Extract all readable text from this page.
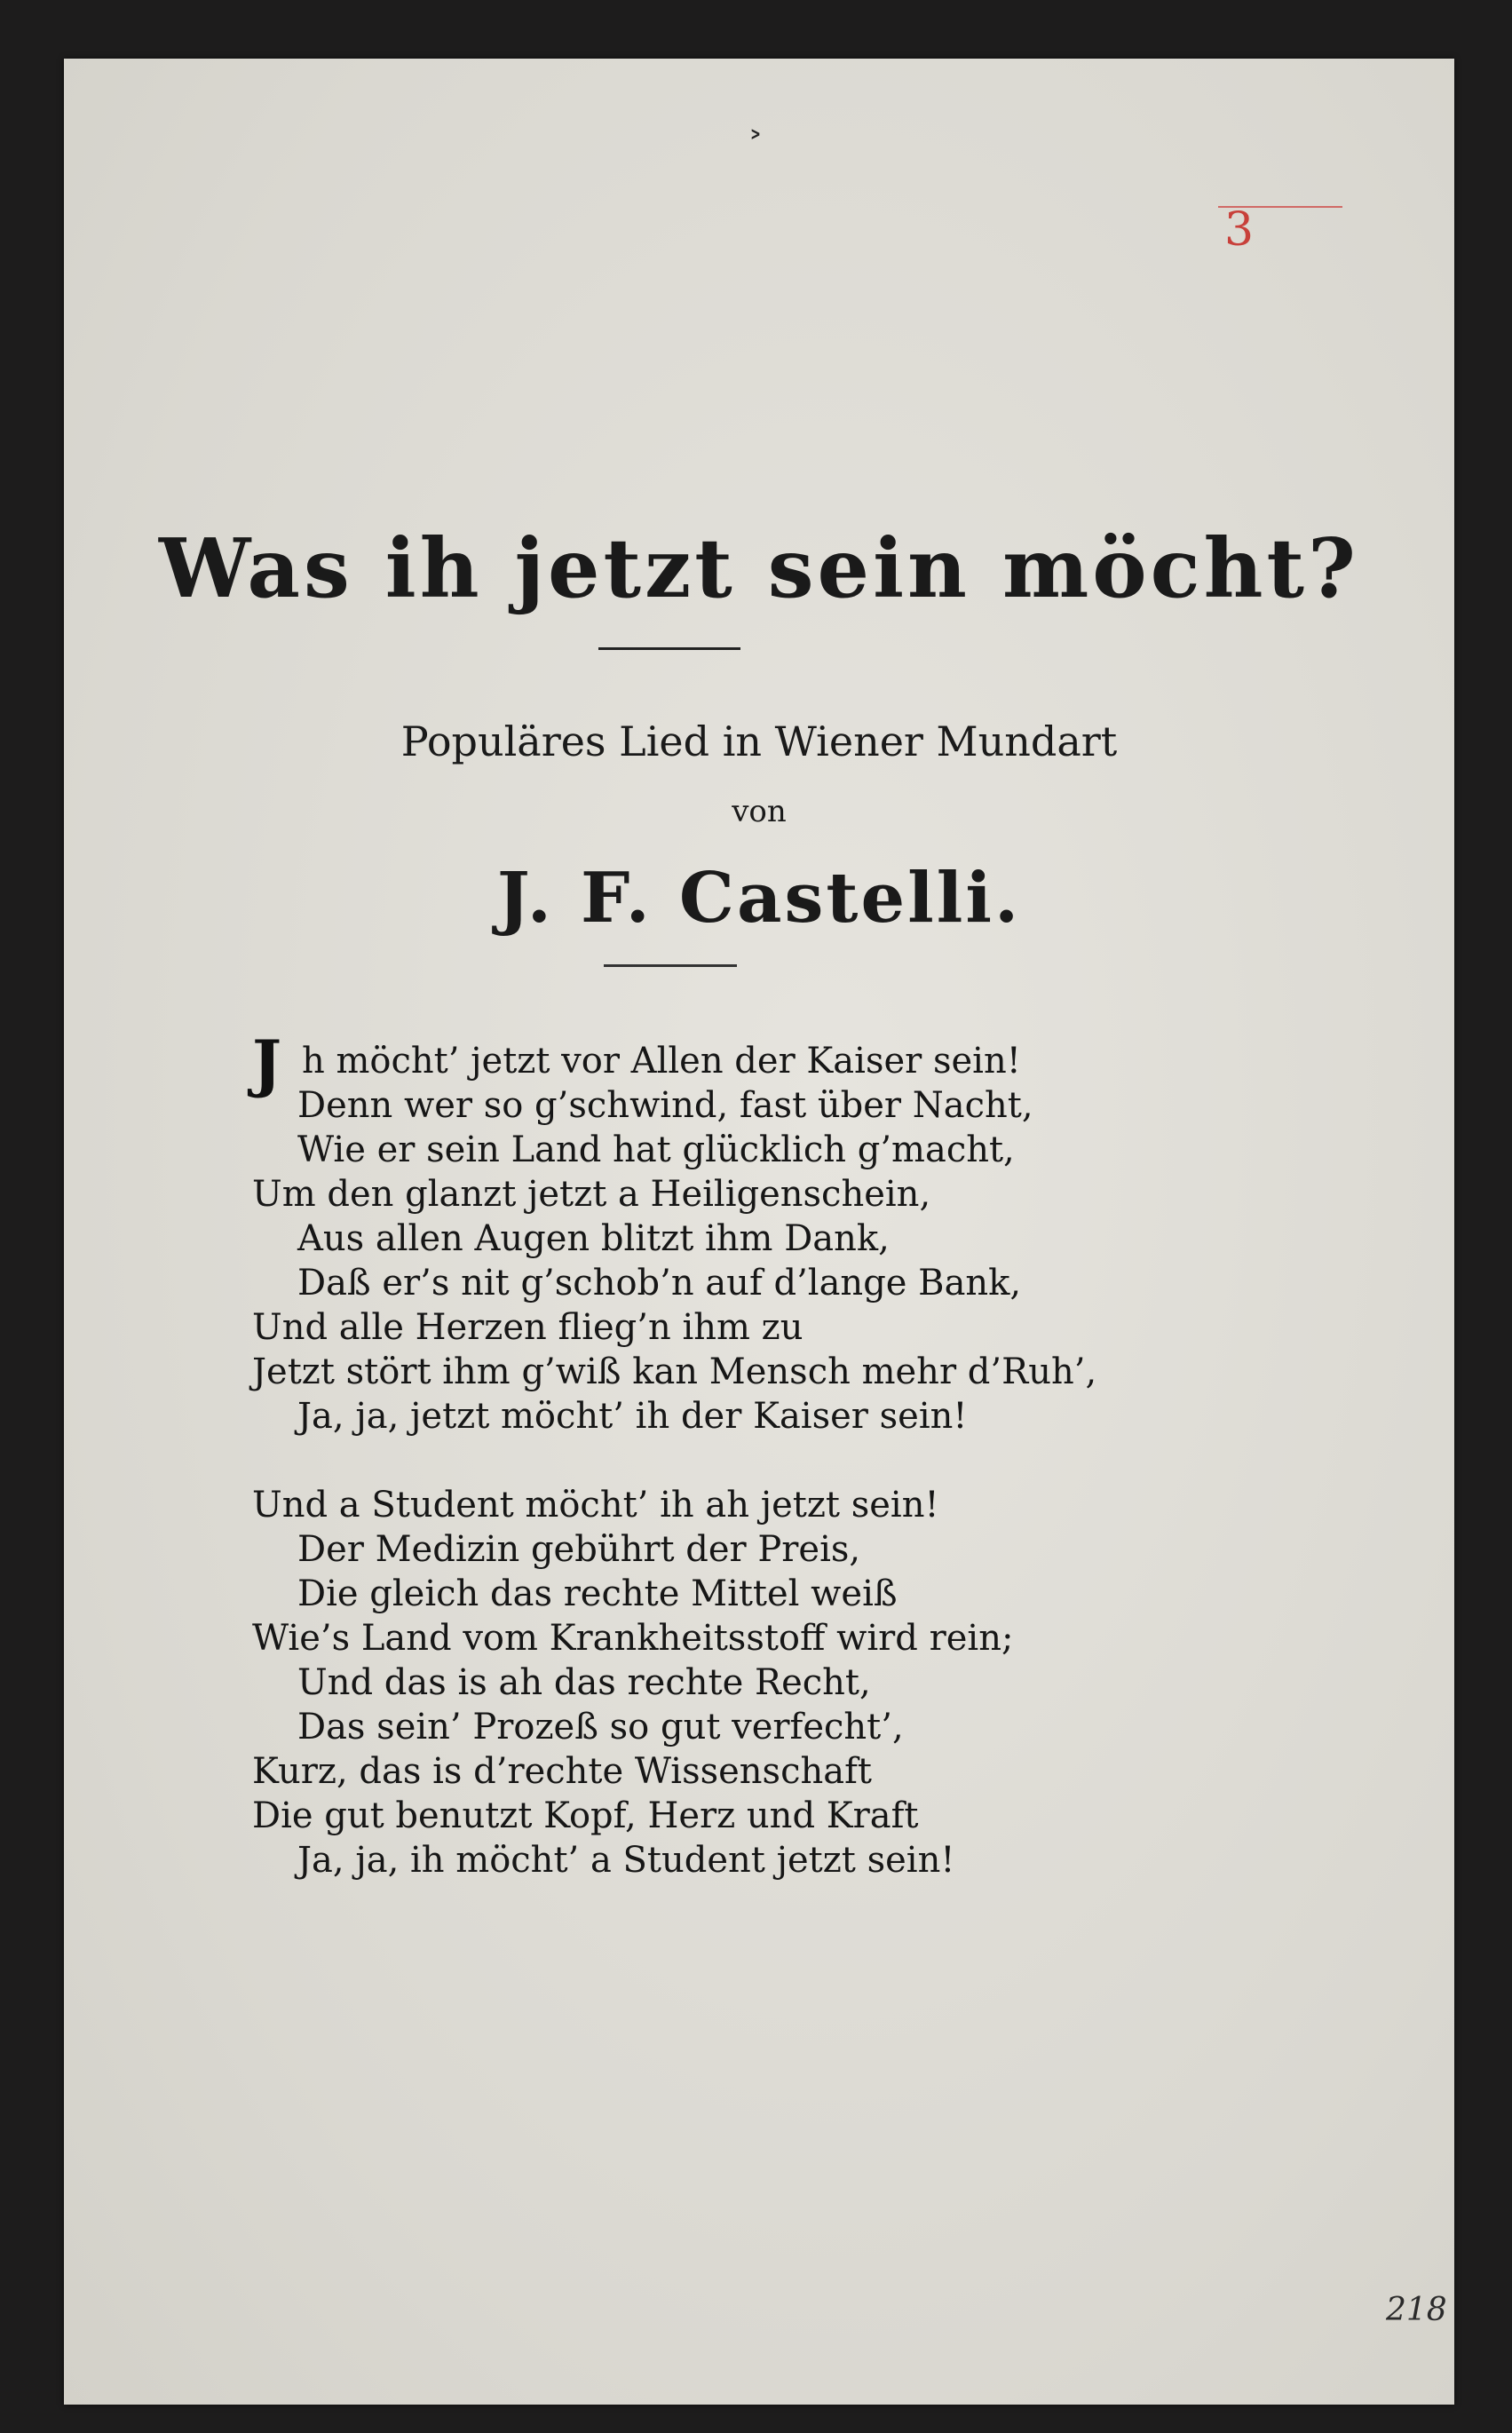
˃
3
Was ih jetzt sein möcht?
Populäres Lied in Wiener Mundart
von
J. F. Castelli.
J h möcht’ jetzt vor Allen der Kaiser sein!
Denn wer so g’schwind, fast über Nacht,
Wie er sein Land hat glücklich g’macht,
Um den glanzt jetzt a Heiligenschein,
Aus allen Augen blitzt ihm Dank,
Daß er’s nit g’schob’n auf d’lange Bank,
Und alle Herzen flieg’n ihm zu
Jetzt stört ihm g’wiß kan Mensch mehr d’Ruh’,
Ja, ja, jetzt möcht’ ih der Kaiser sein!
Und a Student möcht’ ih ah jetzt sein!
Der Medizin gebührt der Preis,
Die gleich das rechte Mittel weiß
Wie’s Land vom Krankheitsstoff wird rein;
Und das is ah das rechte Recht,
Das sein’ Prozeß so gut verfecht’,
Kurz, das is d’rechte Wissenschaft
Die gut benutzt Kopf, Herz und Kraft
Ja, ja, ih möcht’ a Student jetzt sein!
218
